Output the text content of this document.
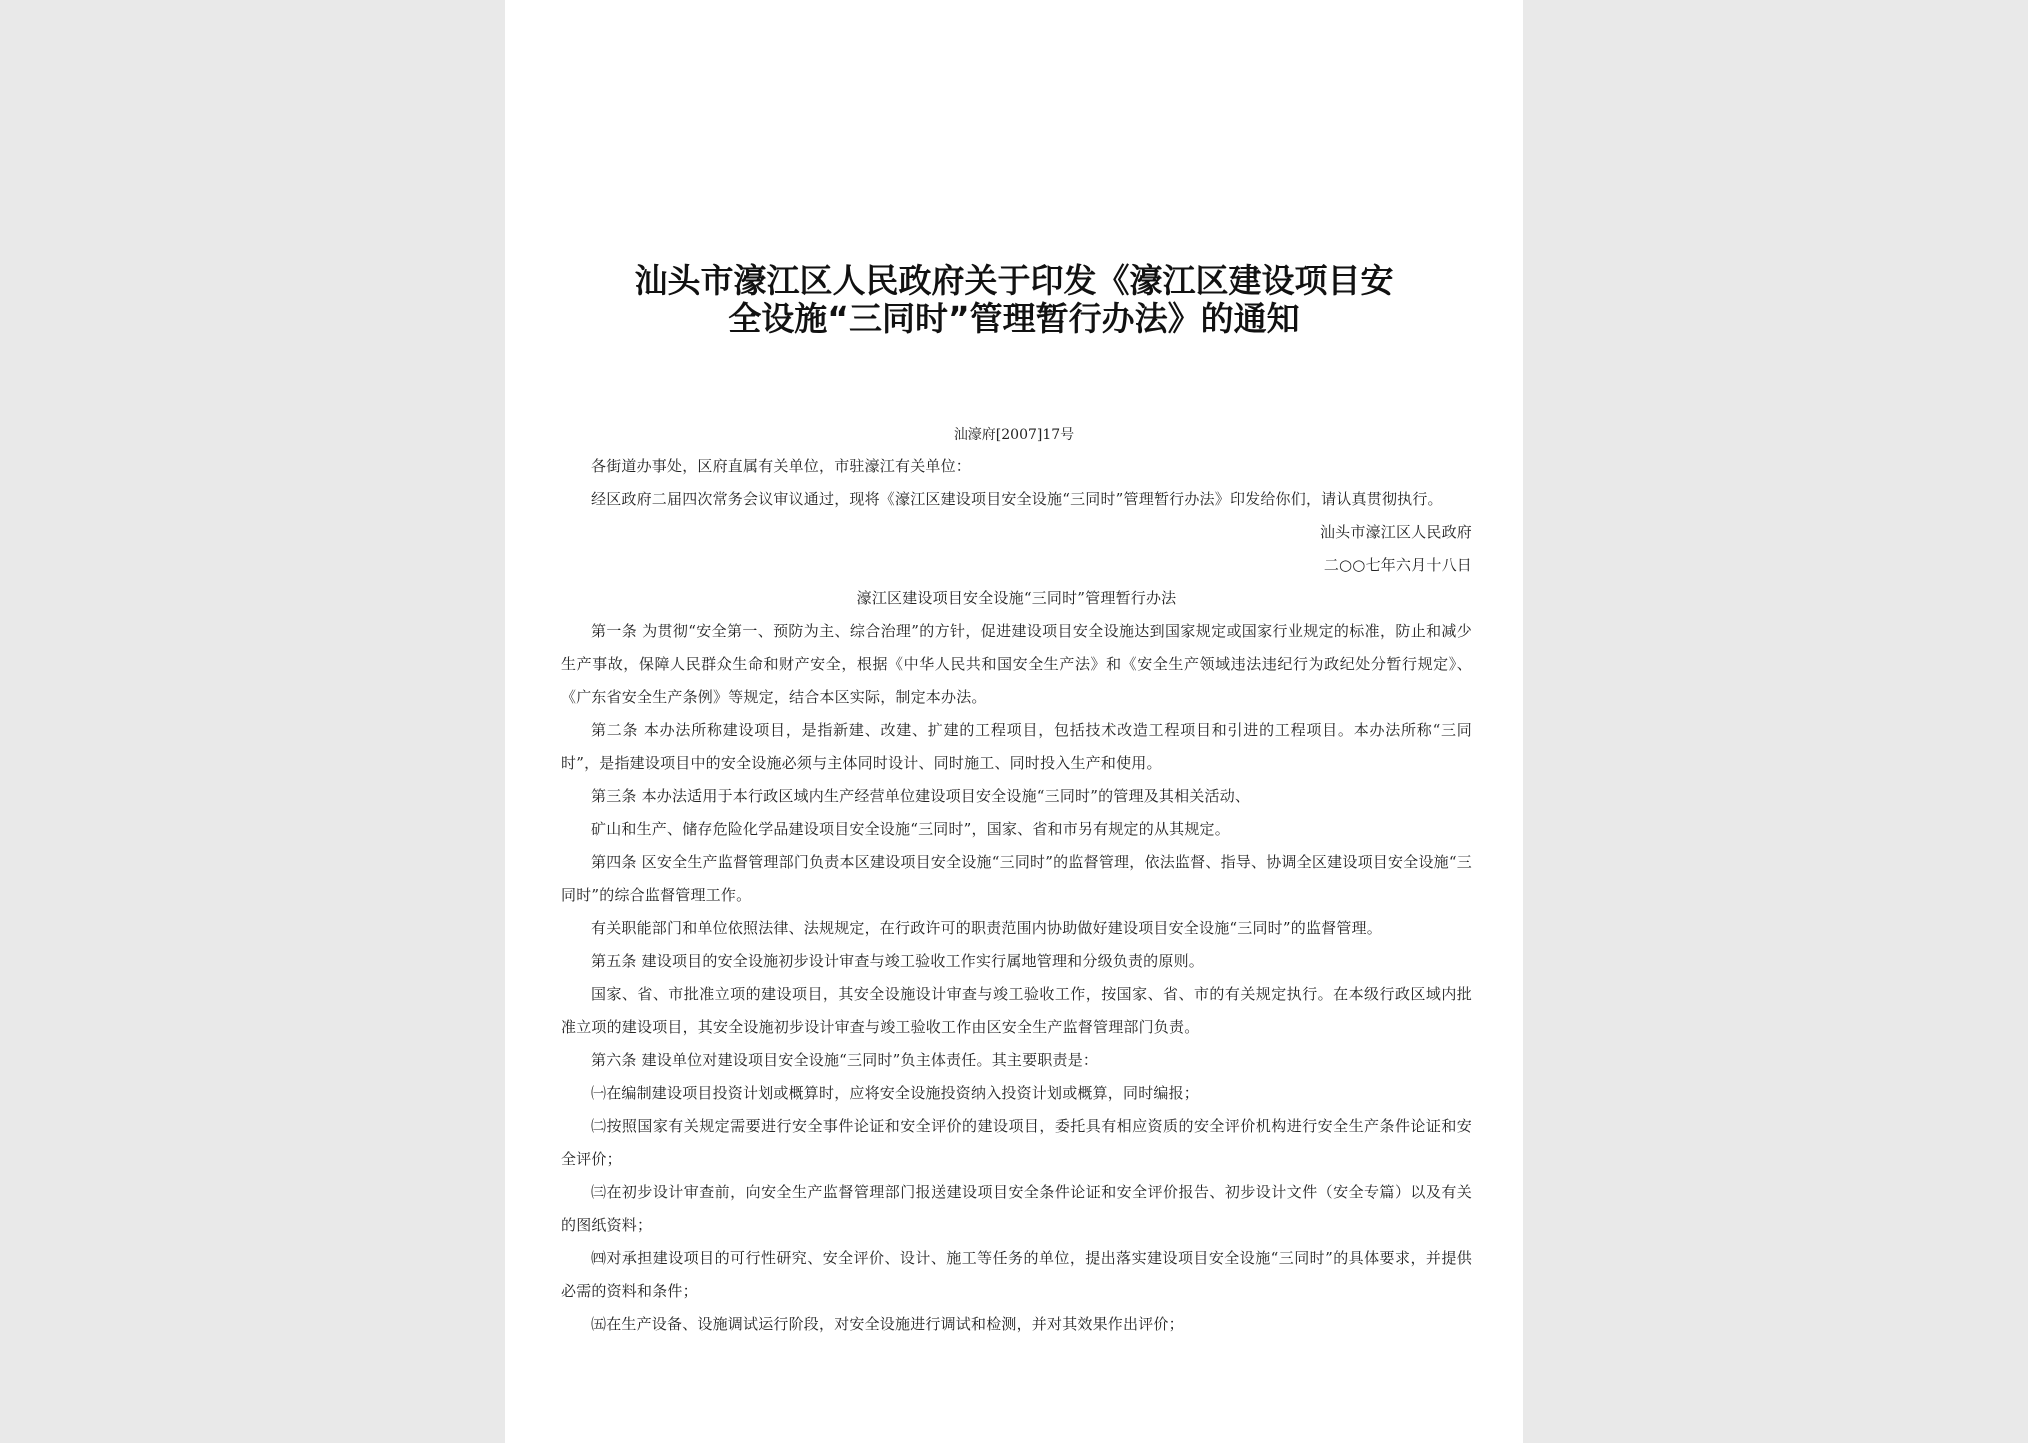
汕头市濠江区人民政府关于印发《濠江区建设项目安
全设施“三同时”管理暂行办法》的通知
汕濠府[2007]17号

各街道办事处，区府直属有关单位，市驻濠江有关单位：

经区政府二届四次常务会议审议通过，现将《濠江区建设项目安全设施“三同时”管理暂行办法》印发给你们，请认真贯彻执行。

汕头市濠江区人民政府

二○○七年六月十八日

濠江区建设项目安全设施“三同时”管理暂行办法

第一条 为贯彻“安全第一、预防为主、综合治理”的方针，促进建设项目安全设施达到国家规定或国家行业规定的标准，防止和减少生产事故，保障人民群众生命和财产安全，根据《中华人民共和国安全生产法》和《安全生产领域违法违纪行为政纪处分暂行规定》、《广东省安全生产条例》等规定，结合本区实际，制定本办法。

第二条 本办法所称建设项目，是指新建、改建、扩建的工程项目，包括技术改造工程项目和引进的工程项目。本办法所称“三同时”，是指建设项目中的安全设施必须与主体同时设计、同时施工、同时投入生产和使用。

第三条 本办法适用于本行政区域内生产经营单位建设项目安全设施“三同时”的管理及其相关活动、

矿山和生产、储存危险化学品建设项目安全设施“三同时”，国家、省和市另有规定的从其规定。

第四条 区安全生产监督管理部门负责本区建设项目安全设施“三同时”的监督管理，依法监督、指导、协调全区建设项目安全设施“三同时”的综合监督管理工作。

有关职能部门和单位依照法律、法规规定，在行政许可的职责范围内协助做好建设项目安全设施“三同时”的监督管理。

第五条 建设项目的安全设施初步设计审查与竣工验收工作实行属地管理和分级负责的原则。

国家、省、市批准立项的建设项目，其安全设施设计审查与竣工验收工作，按国家、省、市的有关规定执行。在本级行政区域内批准立项的建设项目，其安全设施初步设计审查与竣工验收工作由区安全生产监督管理部门负责。

第六条 建设单位对建设项目安全设施“三同时”负主体责任。其主要职责是：

㈠在编制建设项目投资计划或概算时，应将安全设施投资纳入投资计划或概算，同时编报；

㈡按照国家有关规定需要进行安全事件论证和安全评价的建设项目，委托具有相应资质的安全评价机构进行安全生产条件论证和安全评价；

㈢在初步设计审查前，向安全生产监督管理部门报送建设项目安全条件论证和安全评价报告、初步设计文件（安全专篇）以及有关的图纸资料；

㈣对承担建设项目的可行性研究、安全评价、设计、施工等任务的单位，提出落实建设项目安全设施“三同时”的具体要求，并提供必需的资料和条件；

㈤在生产设备、设施调试运行阶段，对安全设施进行调试和检测，并对其效果作出评价；
